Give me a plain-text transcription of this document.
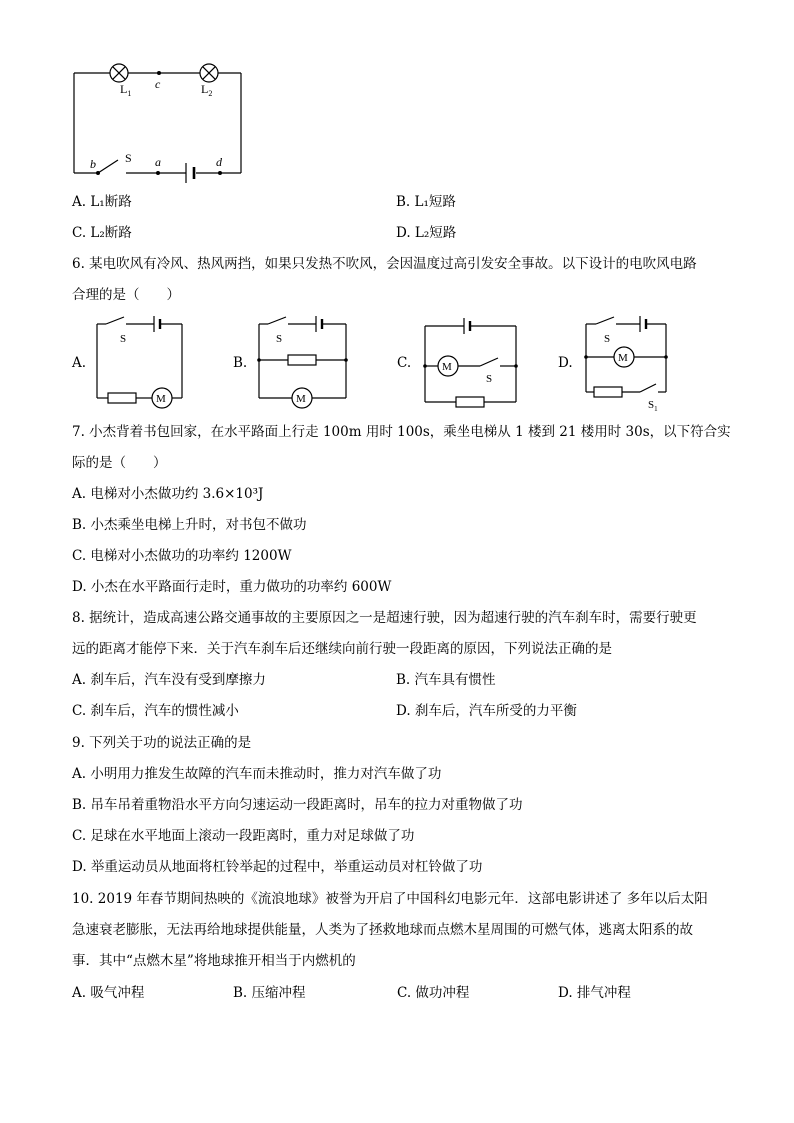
$L_1$
c	$L_2$
b S a	d
A. L₁断路	B. L₁短路
C. L₂断路	D. L₂短路
6. 某电吹风有冷风、热风两挡，如果只发热不吹风，会因温度过高引发安全事故。以下设计的电吹风电路
合理的是（　　）
A.	B.	C.	D.
S
M
S
M
M
S
S
M
$S_1$
7. 小杰背着书包回家，在水平路面上行走 100m 用时 100s，乘坐电梯从 1 楼到 21 楼用时 30s，以下符合实
际的是（　　）
A. 电梯对小杰做功约 3.6×10³J
B. 小杰乘坐电梯上升时，对书包不做功
C. 电梯对小杰做功的功率约 1200W
D. 小杰在水平路面行走时，重力做功的功率约 600W
8. 据统计，造成高速公路交通事故的主要原因之一是超速行驶，因为超速行驶的汽车刹车时，需要行驶更
远的距离才能停下来．关于汽车刹车后还继续向前行驶一段距离的原因，下列说法正确的是
A. 刹车后，汽车没有受到摩擦力	B. 汽车具有惯性
C. 刹车后，汽车的惯性减小	D. 刹车后，汽车所受的力平衡
9. 下列关于功的说法正确的是
A. 小明用力推发生故障的汽车而未推动时，推力对汽车做了功
B. 吊车吊着重物沿水平方向匀速运动一段距离时，吊车的拉力对重物做了功
C. 足球在水平地面上滚动一段距离时，重力对足球做了功
D. 举重运动员从地面将杠铃举起的过程中，举重运动员对杠铃做了功
10. 2019 年春节期间热映的《流浪地球》被誉为开启了中国科幻电影元年．这部电影讲述了 多年以后太阳
急速衰老膨胀，无法再给地球提供能量，人类为了拯救地球而点燃木星周围的可燃气体，逃离太阳系的故
事．其中“点燃木星”将地球推开相当于内燃机的
A. 吸气冲程	B. 压缩冲程	C. 做功冲程	D. 排气冲程
